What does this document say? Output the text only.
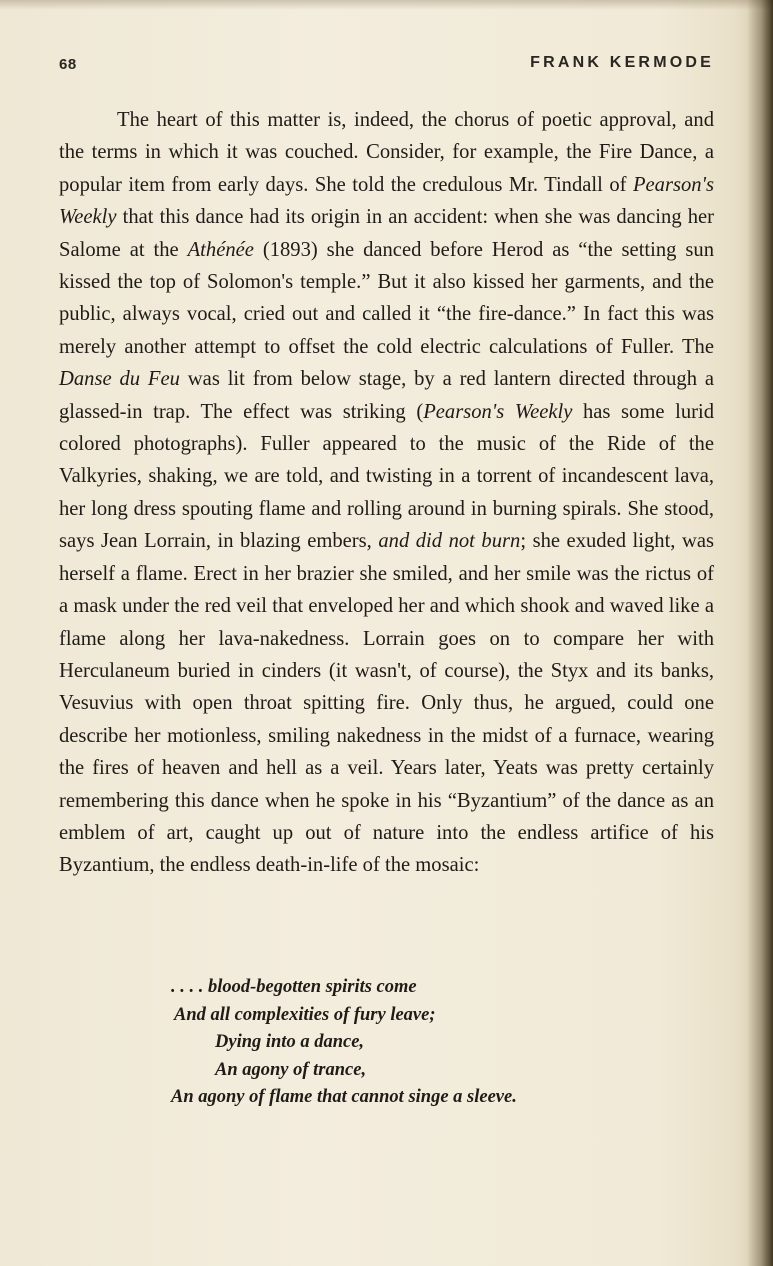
68	FRANK KERMODE

The heart of this matter is, indeed, the chorus of poetic approval, and the terms in which it was couched. Consider, for example, the Fire Dance, a popular item from early days. She told the credulous Mr. Tindall of Pearson's Weekly that this dance had its origin in an accident: when she was dancing her Salome at the Athénée (1893) she danced before Herod as “the setting sun kissed the top of Solomon's temple.” But it also kissed her garments, and the public, always vocal, cried out and called it “the fire-dance.” In fact this was merely another attempt to offset the cold electric calculations of Fuller. The Danse du Feu was lit from below stage, by a red lantern directed through a glassed-in trap. The effect was striking (Pearson's Weekly has some lurid colored photographs). Fuller appeared to the music of the Ride of the Valkyries, shaking, we are told, and twisting in a torrent of incandescent lava, her long dress spouting flame and rolling around in burning spirals. She stood, says Jean Lorrain, in blazing embers, and did not burn; she exuded light, was herself a flame. Erect in her brazier she smiled, and her smile was the rictus of a mask under the red veil that enveloped her and which shook and waved like a flame along her lava-nakedness. Lorrain goes on to compare her with Herculaneum buried in cinders (it wasn't, of course), the Styx and its banks, Vesuvius with open throat spitting fire. Only thus, he argued, could one describe her motionless, smiling nakedness in the midst of a furnace, wearing the fires of heaven and hell as a veil. Years later, Yeats was pretty certainly remembering this dance when he spoke in his “Byzantium” of the dance as an emblem of art, caught up out of nature into the endless artifice of his Byzantium, the endless death-in-life of the mosaic:

. . . . blood-begotten spirits come
And all complexities of fury leave;
Dying into a dance,
An agony of trance,
An agony of flame that cannot singe a sleeve.
